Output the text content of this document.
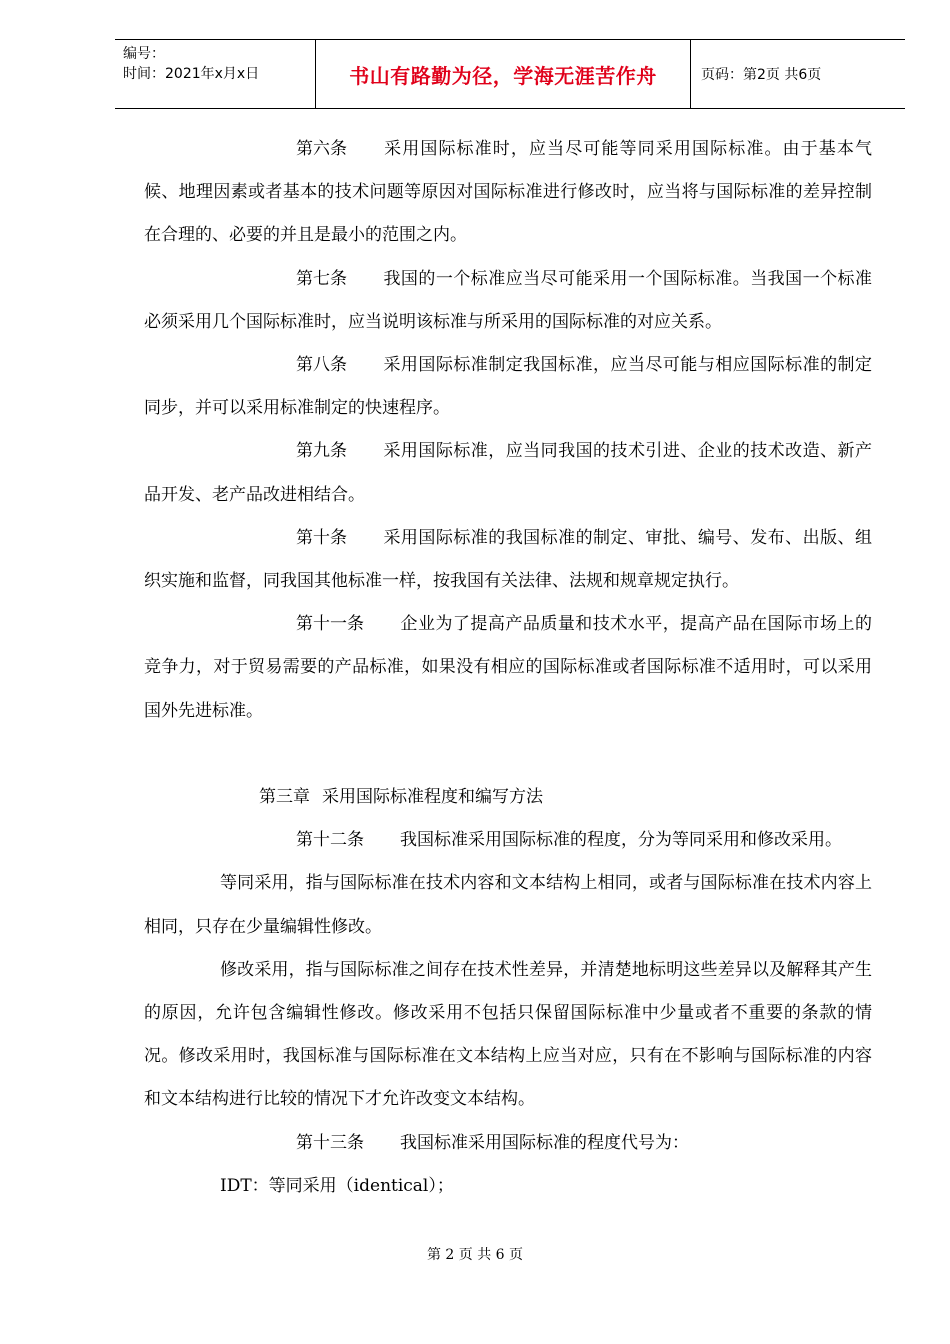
编号：
时间：2021年x月x日	书山有路勤为径，学海无涯苦作舟	页码：第2页 共6页

第六条 采用国际标准时，应当尽可能等同采用国际标准。由于基本气候、地理因素或者基本的技术问题等原因对国际标准进行修改时，应当将与国际标准的差异控制在合理的、必要的并且是最小的范围之内。

第七条 我国的一个标准应当尽可能采用一个国际标准。当我国一个标准必须采用几个国际标准时，应当说明该标准与所采用的国际标准的对应关系。

第八条 采用国际标准制定我国标准，应当尽可能与相应国际标准的制定同步，并可以采用标准制定的快速程序。

第九条 采用国际标准，应当同我国的技术引进、企业的技术改造、新产品开发、老产品改进相结合。

第十条 采用国际标准的我国标准的制定、审批、编号、发布、出版、组织实施和监督，同我国其他标准一样，按我国有关法律、法规和规章规定执行。

第十一条 企业为了提高产品质量和技术水平，提高产品在国际市场上的竞争力，对于贸易需要的产品标准，如果没有相应的国际标准或者国际标准不适用时，可以采用国外先进标准。

第三章 采用国际标准程度和编写方法

第十二条 我国标准采用国际标准的程度，分为等同采用和修改采用。

等同采用，指与国际标准在技术内容和文本结构上相同，或者与国际标准在技术内容上相同，只存在少量编辑性修改。

修改采用，指与国际标准之间存在技术性差异，并清楚地标明这些差异以及解释其产生的原因，允许包含编辑性修改。修改采用不包括只保留国际标准中少量或者不重要的条款的情况。修改采用时，我国标准与国际标准在文本结构上应当对应，只有在不影响与国际标准的内容和文本结构进行比较的情况下才允许改变文本结构。

第十三条 我国标准采用国际标准的程度代号为：

IDT：等同采用（identical）；

第 2 页 共 6 页
